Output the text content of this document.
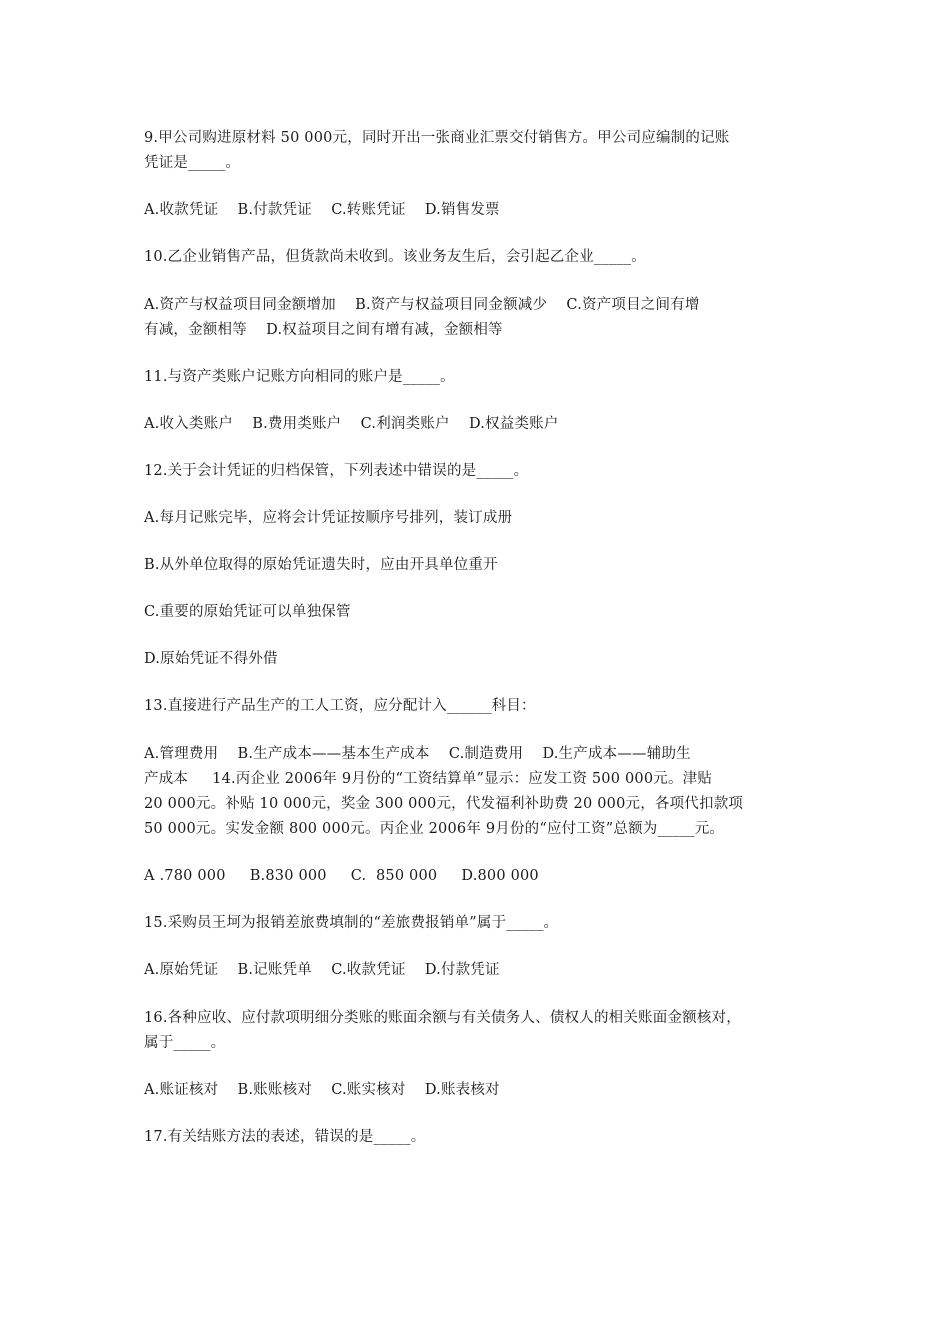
9.甲公司购进原材料 50 000元，同时开出一张商业汇票交付销售方。甲公司应编制的记账
凭证是_____。
A.收款凭证    B.付款凭证    C.转账凭证    D.销售发票
10.乙企业销售产品，但货款尚未收到。该业务友生后，会引起乙企业_____。
A.资产与权益项目同金额增加    B.资产与权益项目同金额减少    C.资产项目之间有增
有减，金额相等    D.权益项目之间有增有减，金额相等
11.与资产类账户记账方向相同的账户是_____。
A.收入类账户    B.费用类账户    C.利润类账户    D.权益类账户
12.关于会计凭证的归档保管，下列表述中错误的是_____。
A.每月记账完毕，应将会计凭证按顺序号排列，装订成册
B.从外单位取得的原始凭证遗失时，应由开具单位重开
C.重要的原始凭证可以单独保管
D.原始凭证不得外借
13.直接进行产品生产的工人工资，应分配计入______科目：
A.管理费用    B.生产成本——基本生产成本    C.制造费用    D.生产成本——辅助生
产成本     14.丙企业 2006年 9月份的“工资结算单”显示：应发工资 500 000元。津贴
20 000元。补贴 10 000元，奖金 300 000元，代发福利补助费 20 000元，各项代扣款项
50 000元。实发金额 800 000元。丙企业 2006年 9月份的“应付工资”总额为_____元。
A .780 000     B.830 000     C.  850 000     D.800 000
15.采购员王坷为报销差旅费填制的“差旅费报销单”属于_____。
A.原始凭证    B.记账凭单    C.收款凭证    D.付款凭证
16.各种应收、应付款项明细分类账的账面余额与有关债务人、债权人的相关账面金额核对，
属于_____。
A.账证核对    B.账账核对    C.账实核对    D.账表核对
17.有关结账方法的表述，错误的是_____。
